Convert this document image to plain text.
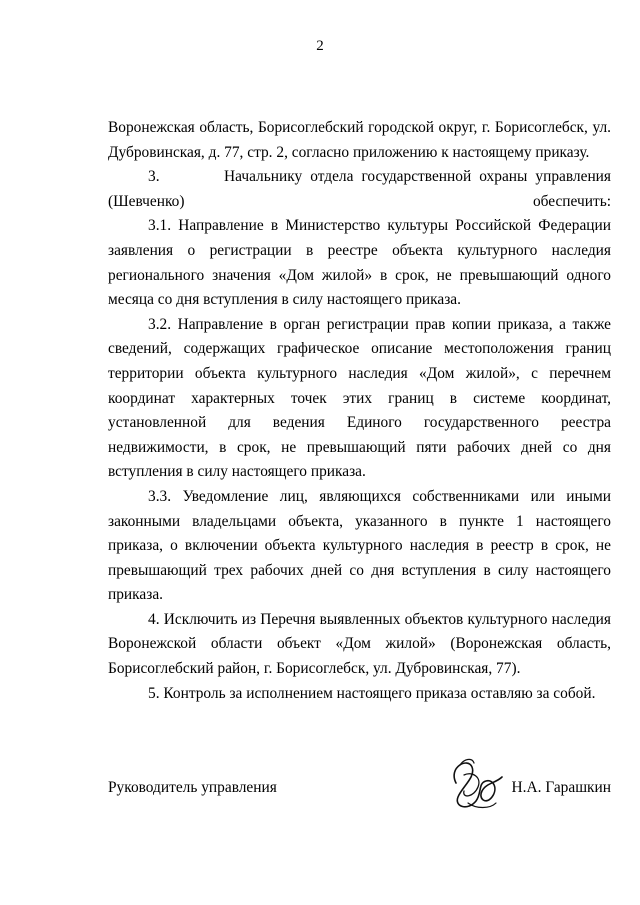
2

Воронежская область, Борисоглебский городской округ, г. Борисоглебск, ул. Дубровинская, д. 77, стр. 2, согласно приложению к настоящему приказу.

3.        Начальнику отдела государственной охраны управления (Шевченко) обеспечить:

3.1. Направление в Министерство культуры Российской Федерации заявления о регистрации в реестре объекта культурного наследия регионального значения «Дом жилой» в срок, не превышающий одного месяца со дня вступления в силу настоящего приказа.

3.2. Направление в орган регистрации прав копии приказа, а также сведений, содержащих графическое описание местоположения границ территории объекта культурного наследия «Дом жилой», с перечнем координат характерных точек этих границ в системе координат, установленной для ведения Единого государственного реестра недвижимости, в срок, не превышающий пяти рабочих дней со дня вступления в силу настоящего приказа.

3.3. Уведомление лиц, являющихся собственниками или иными законными владельцами объекта, указанного в пункте 1 настоящего приказа, о включении объекта культурного наследия в реестр в срок, не превышающий трех рабочих дней со дня вступления в силу настоящего приказа.

4. Исключить из Перечня выявленных объектов культурного наследия Воронежской области объект «Дом жилой» (Воронежская область, Борисоглебский район, г. Борисоглебск, ул. Дубровинская, 77).

5. Контроль за исполнением настоящего приказа оставляю за собой.

Руководитель управления	Н.А. Гарашкин
